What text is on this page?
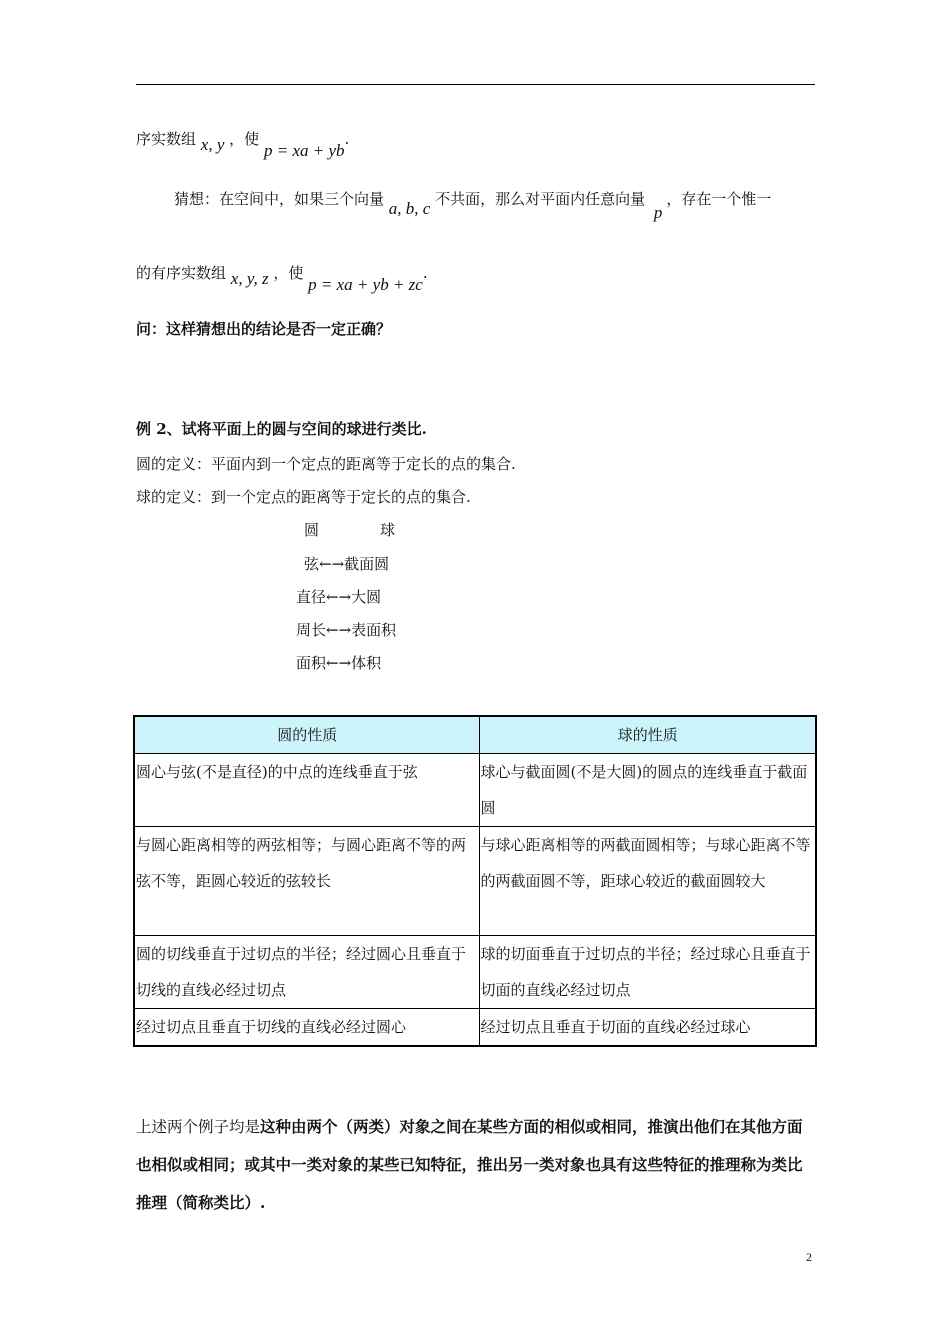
序实数组 x, y ，使 p = xa + yb.
猜想：在空间中，如果三个向量 a, b, c 不共面，那么对平面内任意向量 p，存在一个惟一
的有序实数组 x, y, z ，使 p = xa + yb + zc.
问：这样猜想出的结论是否一定正确？
例 2、试将平面上的圆与空间的球进行类比.
圆的定义：平面内到一个定点的距离等于定长的点的集合.
球的定义：到一个定点的距离等于定长的点的集合.
圆	球
弦←→截面圆
直径←→大圆
周长←→表面积
面积←→体积
圆的性质	球的性质
圆心与弦(不是直径)的中点的连线垂直于弦	球心与截面圆(不是大圆)的圆点的连线垂直于截面圆
与圆心距离相等的两弦相等；与圆心距离不等的两弦不等，距圆心较近的弦较长	与球心距离相等的两截面圆相等；与球心距离不等的两截面圆不等，距球心较近的截面圆较大
圆的切线垂直于过切点的半径；经过圆心且垂直于切线的直线必经过切点	球的切面垂直于过切点的半径；经过球心且垂直于切面的直线必经过切点
经过切点且垂直于切线的直线必经过圆心	经过切点且垂直于切面的直线必经过球心
上述两个例子均是这种由两个（两类）对象之间在某些方面的相似或相同，推演出他们在其他方面也相似或相同；或其中一类对象的某些已知特征，推出另一类对象也具有这些特征的推理称为类比推理（简称类比）.
2
